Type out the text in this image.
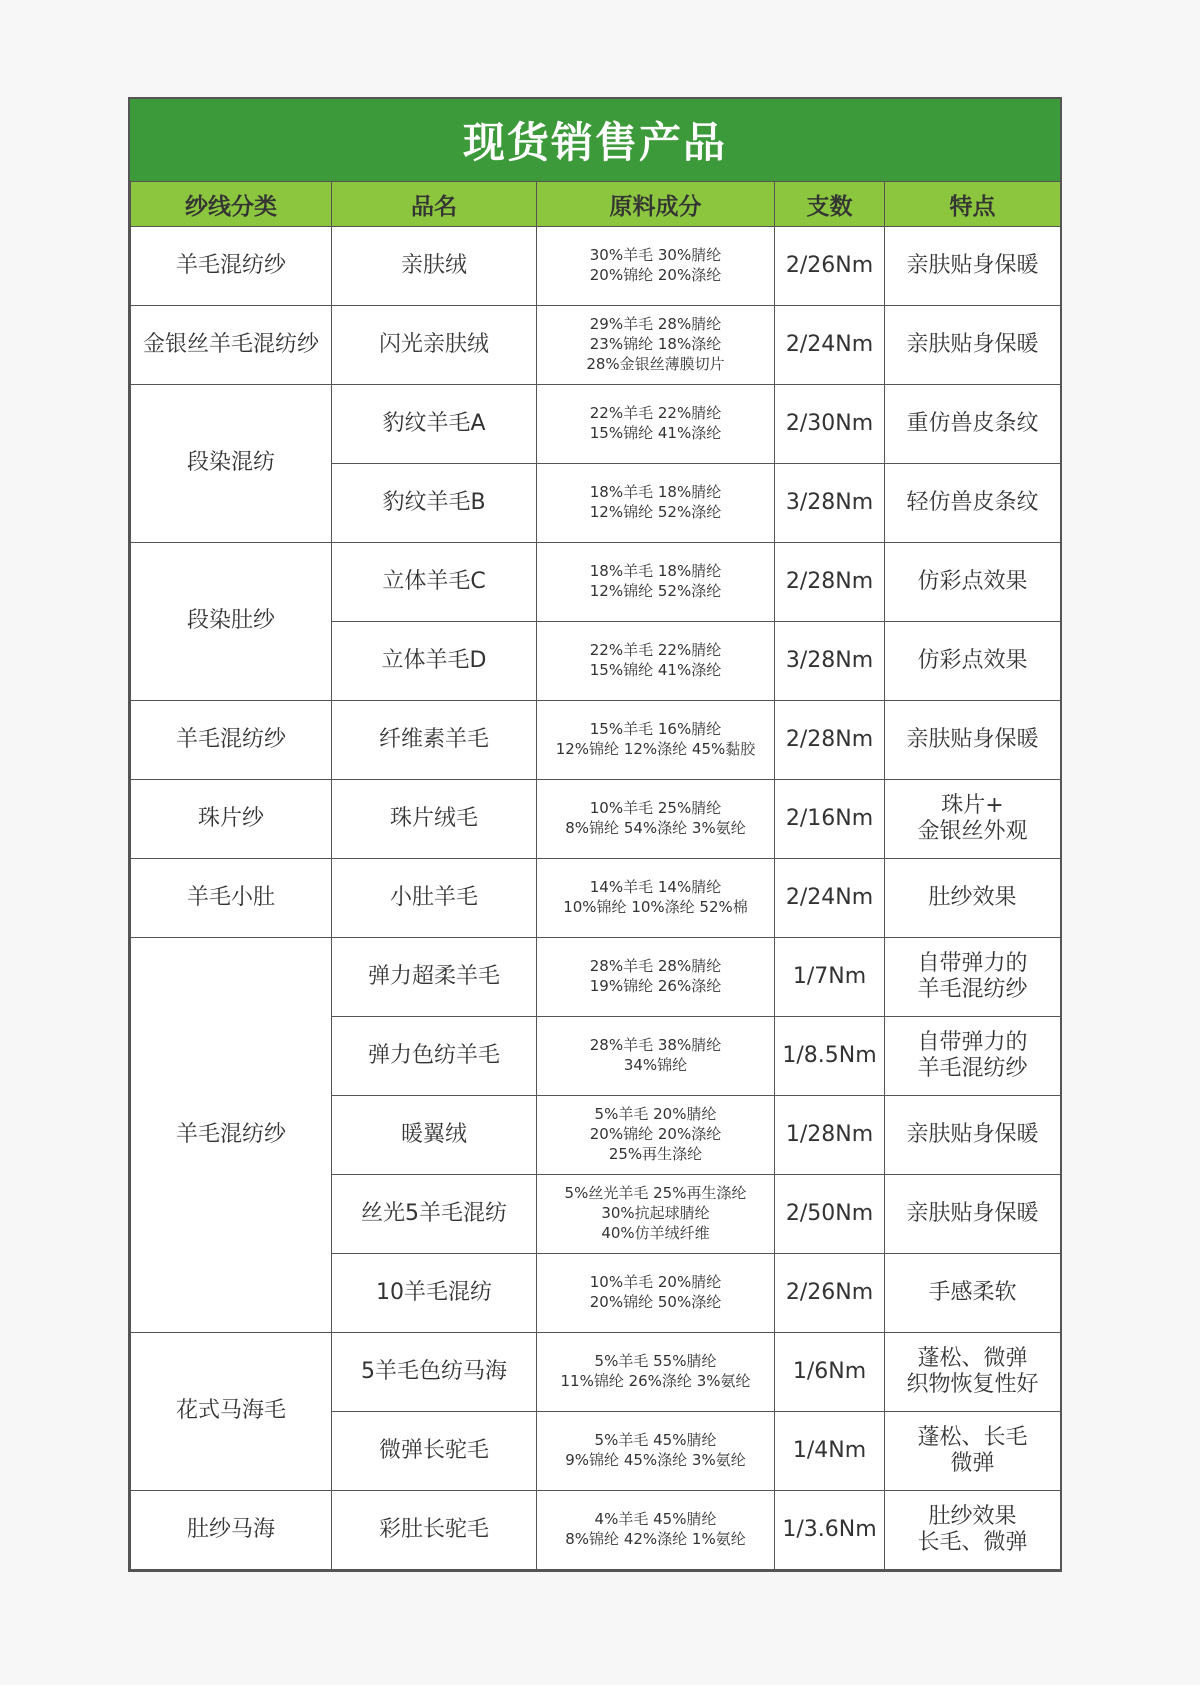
现货销售产品
纱线分类	品名	原料成分	支数	特点
羊毛混纺纱	亲肤绒	30%羊毛 30%腈纶
20%锦纶 20%涤纶	2/26Nm	亲肤贴身保暖
金银丝羊毛混纺纱	闪光亲肤绒	29%羊毛 28%腈纶
23%锦纶 18%涤纶
28%金银丝薄膜切片	2/24Nm	亲肤贴身保暖
段染混纺	豹纹羊毛A	22%羊毛 22%腈纶
15%锦纶 41%涤纶	2/30Nm	重仿兽皮条纹
	豹纹羊毛B	18%羊毛 18%腈纶
12%锦纶 52%涤纶	3/28Nm	轻仿兽皮条纹
段染肚纱	立体羊毛C	18%羊毛 18%腈纶
12%锦纶 52%涤纶	2/28Nm	仿彩点效果
	立体羊毛D	22%羊毛 22%腈纶
15%锦纶 41%涤纶	3/28Nm	仿彩点效果
羊毛混纺纱	纤维素羊毛	15%羊毛 16%腈纶
12%锦纶 12%涤纶 45%黏胶	2/28Nm	亲肤贴身保暖
珠片纱	珠片绒毛	10%羊毛 25%腈纶
8%锦纶 54%涤纶 3%氨纶	2/16Nm	珠片+
金银丝外观
羊毛小肚	小肚羊毛	14%羊毛 14%腈纶
10%锦纶 10%涤纶 52%棉	2/24Nm	肚纱效果
羊毛混纺纱	弹力超柔羊毛	28%羊毛 28%腈纶
19%锦纶 26%涤纶	1/7Nm	自带弹力的
羊毛混纺纱
	弹力色纺羊毛	28%羊毛 38%腈纶
34%锦纶	1/8.5Nm	自带弹力的
羊毛混纺纱
	暖翼绒	5%羊毛 20%腈纶
20%锦纶 20%涤纶
25%再生涤纶	1/28Nm	亲肤贴身保暖
	丝光5羊毛混纺	5%丝光羊毛 25%再生涤纶
30%抗起球腈纶
40%仿羊绒纤维	2/50Nm	亲肤贴身保暖
	10羊毛混纺	10%羊毛 20%腈纶
20%锦纶 50%涤纶	2/26Nm	手感柔软
花式马海毛	5羊毛色纺马海	5%羊毛 55%腈纶
11%锦纶 26%涤纶 3%氨纶	1/6Nm	蓬松、微弹
织物恢复性好
	微弹长驼毛	5%羊毛 45%腈纶
9%锦纶 45%涤纶 3%氨纶	1/4Nm	蓬松、长毛
微弹
肚纱马海	彩肚长驼毛	4%羊毛 45%腈纶
8%锦纶 42%涤纶 1%氨纶	1/3.6Nm	肚纱效果
长毛、微弹
